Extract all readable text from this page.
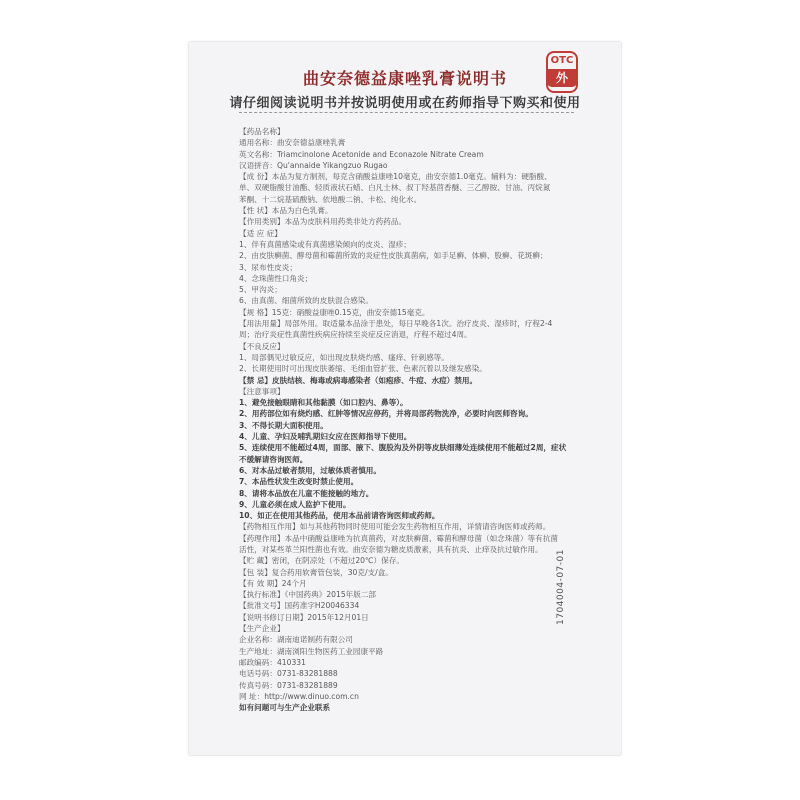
曲安奈德益康唑乳膏说明书
OTC
外
请仔细阅读说明书并按说明使用或在药师指导下购买和使用
【药品名称】
通用名称：曲安奈德益康唑乳膏
英文名称：Triamcinolone Acetonide and Econazole Nitrate Cream
汉语拼音：Qu'annaide Yikangzuo Rugao
【成 份】本品为复方制剂，每克含硝酸益康唑10毫克，曲安奈德1.0毫克。辅料为：硬脂酸、
单、双硬脂酸甘油酯、轻质液状石蜡、白凡士林、叔丁羟基茴香醚、三乙醇胺、甘油、丙烷氮
苯酮、十二烷基硫酸钠、依地酸二钠、卡松、纯化水。
【性 状】本品为白色乳膏。
【作用类别】本品为皮肤科用药类非处方药药品。
【适 应 症】
1、伴有真菌感染或有真菌感染倾向的皮炎、湿疹；
2、由皮肤癣菌、酵母菌和霉菌所致的炎症性皮肤真菌病，如手足癣、体癣、股癣、花斑癣；
3、尿布性皮炎；
4、念珠菌性口角炎；
5、甲沟炎；
6、由真菌、细菌所致的皮肤混合感染。
【规 格】15克：硝酸益康唑0.15克，曲安奈德15毫克。
【用法用量】局部外用。取适量本品涂于患处，每日早晚各1次。治疗皮炎、湿疹时，疗程2-4
周；治疗炎症性真菌性疾病应持续至炎症反应消退，疗程不超过4周。
【不良反应】
1、局部偶见过敏反应，如出现皮肤烧灼感、瘙痒、针刺感等。
2、长期使用时可出现皮肤萎缩、毛细血管扩张、色素沉着以及继发感染。
【禁 忌】皮肤结核、梅毒或病毒感染者（如疱疹、牛痘、水痘）禁用。
【注意事项】
1、避免接触眼睛和其他黏膜（如口腔内、鼻等）。
2、用药部位如有烧灼感、红肿等情况应停药，并将局部药物洗净，必要时向医师咨询。
3、不得长期大面积使用。
4、儿童、孕妇及哺乳期妇女应在医师指导下使用。
5、连续使用不能超过4周，面部、腋下、腹股沟及外阴等皮肤细薄处连续使用不能超过2周，症状
不缓解请咨询医师。
6、对本品过敏者禁用，过敏体质者慎用。
7、本品性状发生改变时禁止使用。
8、请将本品放在儿童不能接触的地方。
9、儿童必须在成人监护下使用。
10、如正在使用其他药品，使用本品前请咨询医师或药师。
【药物相互作用】如与其他药物同时使用可能会发生药物相互作用，详情请咨询医师或药师。
【药理作用】本品中硝酸益康唑为抗真菌药，对皮肤癣菌、霉菌和酵母菌（如念珠菌）等有抗菌
活性，对某些革兰阳性菌也有效。曲安奈德为糖皮质激素，具有抗炎、止痒及抗过敏作用。
【贮 藏】密闭，在阴凉处（不超过20℃）保存。
【包 装】复合药用软膏管包装，30克/支/盒。
【有 效 期】24个月
【执行标准】《中国药典》2015年版二部
【批准文号】国药准字H20046334
【说明书修订日期】2015年12月01日
【生产企业】
企业名称：湖南迪诺制药有限公司
生产地址：湖南浏阳生物医药工业园康平路
邮政编码：410331
电话号码：0731-83281888
传真号码：0731-83281889
网 址：http://www.dinuo.com.cn
如有问题可与生产企业联系
1704004-07-01
